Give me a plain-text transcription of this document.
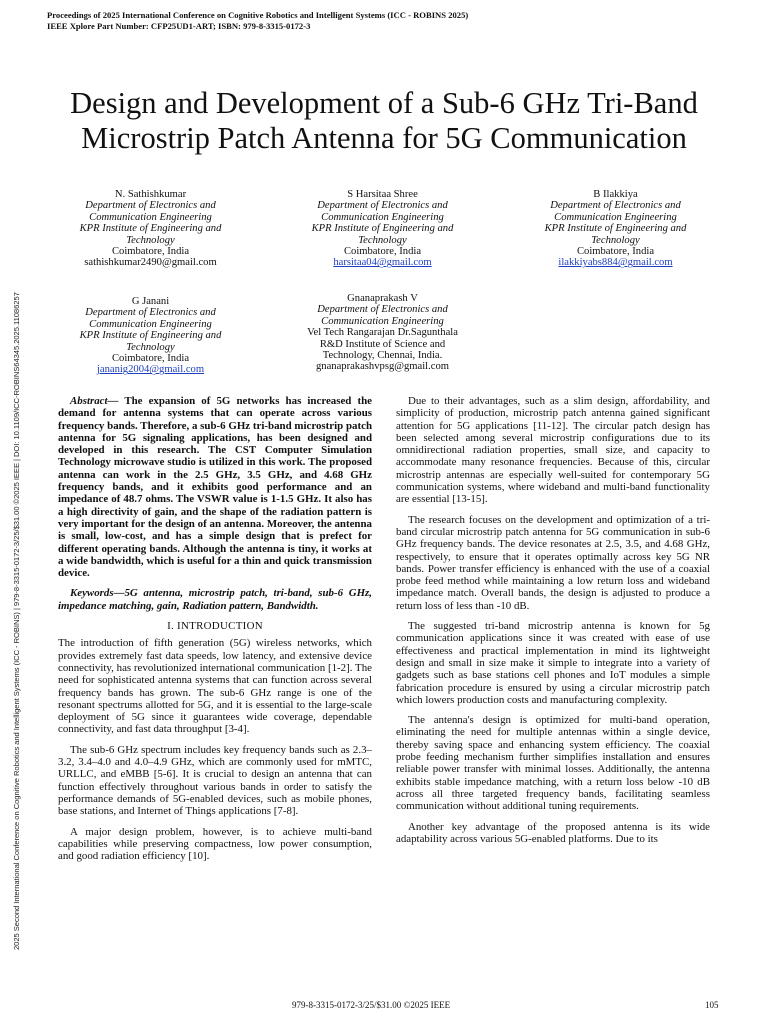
Proceedings of 2025 International Conference on Cognitive Robotics and Intelligent Systems (ICC - ROBINS 2025)
IEEE Xplore Part Number: CFP25UD1-ART; ISBN: 979-8-3315-0172-3
2025 Second International Conference on Cognitive Robotics and Intelligent Systems (ICC - ROBINS) | 979-8-3315-0172-3/25/$31.00 ©2025 IEEE | DOI: 10.1109/ICC-ROBINS64345.2025.11086257
Design and Development of a Sub-6 GHz Tri-Band
Microstrip Patch Antenna for 5G Communication
N. Sathishkumar
Department of Electronics and
Communication Engineering
KPR Institute of Engineering and
Technology
Coimbatore, India
sathishkumar2490@gmail.com
S Harsitaa Shree
Department of Electronics and
Communication Engineering
KPR Institute of Engineering and
Technology
Coimbatore, India
harsitaa04@gmail.com
B Ilakkiya
Department of Electronics and
Communication Engineering
KPR Institute of Engineering and
Technology
Coimbatore, India
ilakkiyabs884@gmail.com
G Janani
Department of Electronics and
Communication Engineering
KPR Institute of Engineering and
Technology
Coimbatore, India
jananig2004@gmail.com
Gnanaprakash V
Department of Electronics and
Communication Engineering
Vel Tech Rangarajan Dr.Sagunthala
R&D Institute of Science and
Technology, Chennai, India.
gnanaprakashvpsg@gmail.com

Abstract— The expansion of 5G networks has increased the demand for antenna systems that can operate across various frequency bands. Therefore, a sub-6 GHz tri-band microstrip patch antenna for 5G signaling applications, has been designed and developed in this research. The CST Computer Simulation Technology microwave studio is utilized in this work. The proposed antenna can work in the 2.5 GHz, 3.5 GHz, and 4.68 GHz frequency bands, and it exhibits good performance and an impedance of 48.7 ohms. The VSWR value is 1-1.5 GHz. It also has a high directivity of gain, and the shape of the radiation pattern is very important for the design of an antenna. Moreover, the antenna is small, low-cost, and has a simple design that is prefect for different operating bands. Although the antenna is tiny, it works at a wide bandwidth, which is useful for a thin and quick transmission device.

Keywords—5G antenna, microstrip patch, tri-band, sub-6 GHz, impedance matching, gain, Radiation pattern, Bandwidth.

I. INTRODUCTION

The introduction of fifth generation (5G) wireless networks, which provides extremely fast data speeds, low latency, and extensive device connectivity, has revolutionized international communication [1-2]. The need for sophisticated antenna systems that can function across several frequency bands has grown. The sub-6 GHz range is one of the resonant spectrums allotted for 5G, and it is essential to the large-scale deployment of 5G since it guarantees wide coverage, dependable connectivity, and fast data throughput [3-4].

The sub-6 GHz spectrum includes key frequency bands such as 2.3–3.2, 3.4–4.0 and 4.0–4.9 GHz, which are commonly used for mMTC, URLLC, and eMBB [5-6]. It is crucial to design an antenna that can function effectively throughout various bands in order to satisfy the performance demands of 5G-enabled devices, such as mobile phones, base stations, and Internet of Things applications [7-8].

A major design problem, however, is to achieve multi-band capabilities while preserving compactness, low power consumption, and good radiation efficiency [10].

Due to their advantages, such as a slim design, affordability, and simplicity of production, microstrip patch antenna gained significant attention for 5G applications [11-12]. The circular patch design has been selected among several microstrip configurations due to its omnidirectional radiation properties, small size, and capacity to accommodate many resonance frequencies. Because of this, circular microstrip antennas are especially well-suited for contemporary 5G communication systems, where wideband and multi-band functionality are essential [13-15].

The research focuses on the development and optimization of a tri-band circular microstrip patch antenna for 5G communication in sub-6 GHz frequency bands. The device resonates at 2.5, 3.5, and 4.68 GHz, respectively, to ensure that it operates optimally across key 5G NR bands. Power transfer efficiency is enhanced with the use of a coaxial probe feed method while maintaining a low return loss and wideband impedance match. Overall bands, the design is adjusted to produce a return loss of less than -10 dB.

The suggested tri-band microstrip antenna is known for 5g communication applications since it was created with ease of use effectiveness and practical implementation in mind its lightweight design and small in size make it simple to integrate into a variety of gadgets such as base stations cell phones and IoT modules a simple fabrication procedure is ensured by using a circular microstrip patch which lowers production costs and manufacturing complexity.

The antenna's design is optimized for multi-band operation, eliminating the need for multiple antennas within a single device, thereby saving space and enhancing system efficiency. The coaxial probe feeding mechanism further simplifies installation and ensures reliable power transfer with minimal losses. Additionally, the antenna exhibits stable impedance matching, with a return loss below -10 dB across all three targeted frequency bands, facilitating seamless communication without additional tuning requirements.

Another key advantage of the proposed antenna is its wide adaptability across various 5G-enabled platforms. Due to its

979-8-3315-0172-3/25/$31.00 ©2025 IEEE	105
